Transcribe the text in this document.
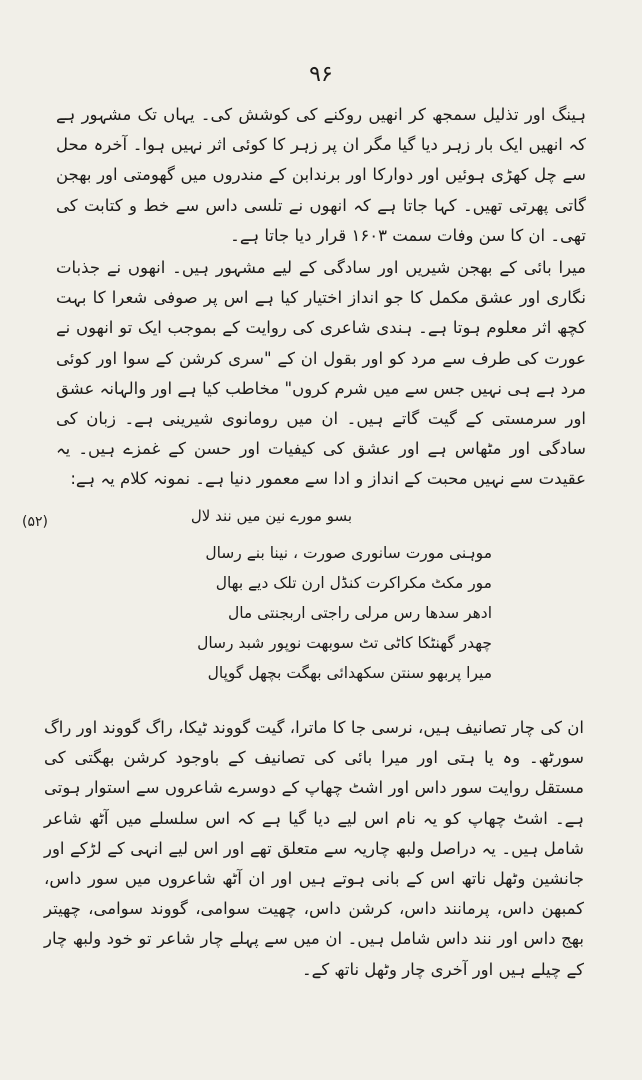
۹۶
ہینگ اور تذلیل سمجھ کر انھیں روکنے کی کوشش کی۔ یہاں تک مشہور ہے کہ انھیں ایک بار زہر دیا گیا مگر ان پر زہر کا کوئی اثر نہیں ہوا۔ آخرہ محل سے چل کھڑی ہوئیں اور دوارکا اور برندابن کے مندروں میں گھومتی اور بھجن گاتی پھرتی تھیں۔ کہا جاتا ہے کہ انھوں نے تلسی داس سے خط و کتابت کی تھی۔ ان کا سن وفات سمت ۱۶۰۳ قرار دیا جاتا ہے۔
میرا بائی کے بھجن شیریں اور سادگی کے لیے مشہور ہیں۔ انھوں نے جذبات نگاری اور عشق مکمل کا جو انداز اختیار کیا ہے اس پر صوفی شعرا کا بہت کچھ اثر معلوم ہوتا ہے۔ ہندی شاعری کی روایت کے بموجب ایک تو انھوں نے عورت کی طرف سے مرد کو اور بقول ان کے "سری کرشن کے سوا اور کوئی مرد ہے ہی نہیں جس سے میں شرم کروں" مخاطب کیا ہے اور والہانہ عشق اور سرمستی کے گیت گاتے ہیں۔ ان میں رومانوی شیرینی ہے۔ زبان کی سادگی اور مٹھاس ہے اور عشق کی کیفیات اور حسن کے غمزے ہیں۔ یہ عقیدت سے نہیں محبت کے انداز و ادا سے معمور دنیا ہے۔ نمونہ کلام یہ ہے:
بسو مورے نین میں نند لال
(۵۲)
موہنی مورت سانوری صورت ، نینا بنے رسال
مور مکٹ مکراکرت کنڈل ارن تلک دیے بھال
ادھر سدھا رس مرلی راجتی اربجنتی مال
چھدر گھنٹکا کاٹی تٹ سوبھت نوپور شبد رسال
میرا پربھو سنتن سکھدائی بھگت بچھل گوپال
ان کی چار تصانیف ہیں، نرسی جا کا ماترا، گیت گووند ٹیکا، راگ گووند اور راگ سورٹھ۔ وہ یا ہتی اور میرا بائی کی تصانیف کے باوجود کرشن بھگتی کی مستقل روایت سور داس اور اشٹ چھاپ کے دوسرے شاعروں سے استوار ہوتی ہے۔ اشٹ چھاپ کو یہ نام اس لیے دیا گیا ہے کہ اس سلسلے میں آٹھ شاعر شامل ہیں۔ یہ دراصل ولبھ چاریہ سے متعلق تھے اور اس لیے انہی کے لڑکے اور جانشین وٹھل ناتھ اس کے بانی ہوتے ہیں اور ان آٹھ شاعروں میں سور داس، کمبھن داس، پرمانند داس، کرشن داس، چھیت سوامی، گووند سوامی، چھیتر بھج داس اور نند داس شامل ہیں۔ ان میں سے پہلے چار شاعر تو خود ولبھ چار کے چیلے ہیں اور آخری چار وٹھل ناتھ کے۔
